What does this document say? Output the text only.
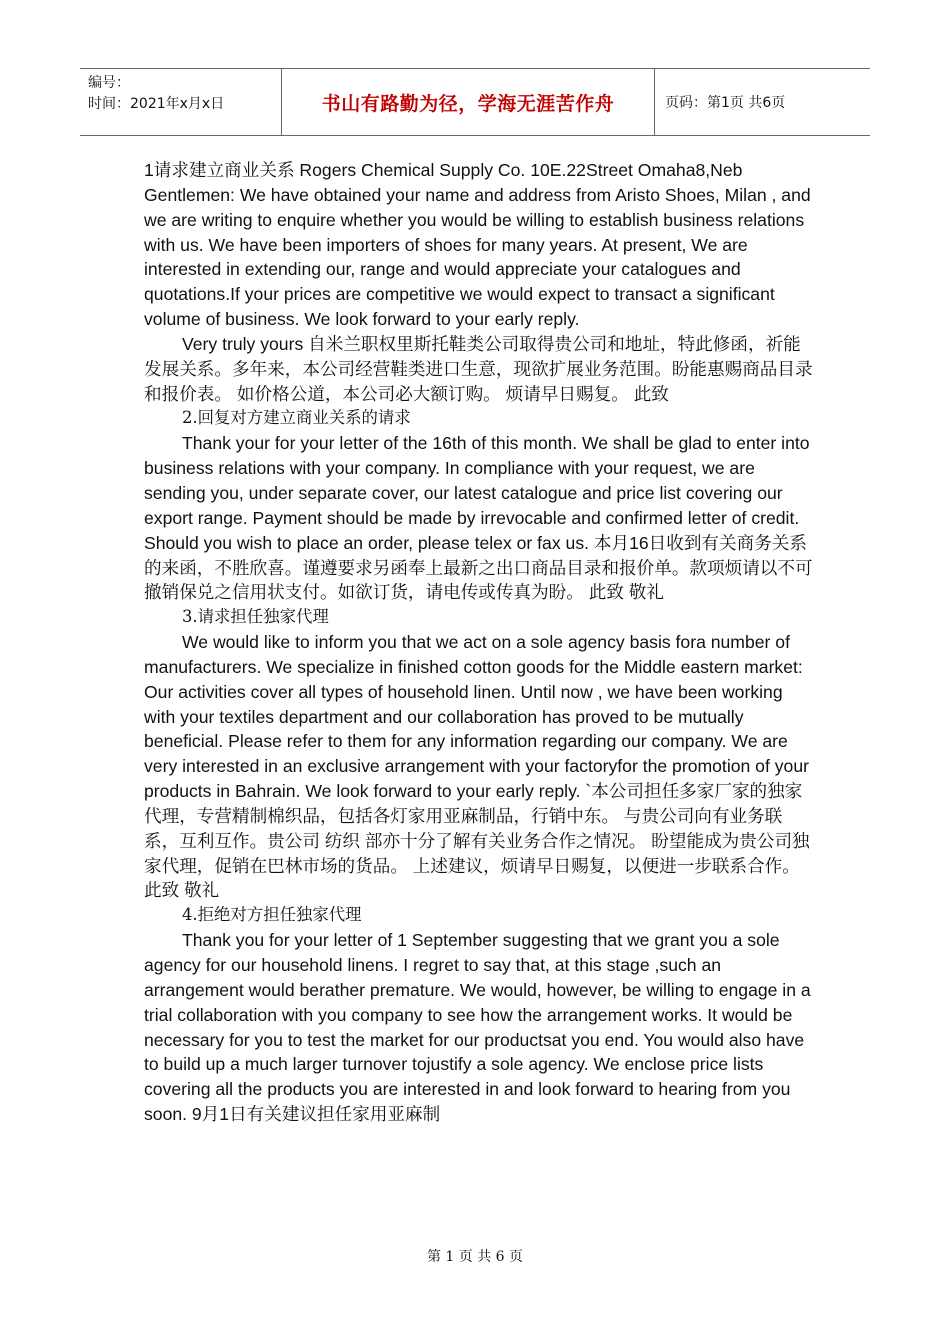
编号：
时间：2021年x月x日	书山有路勤为径，学海无涯苦作舟	页码：第1页 共6页

1请求建立商业关系 Rogers Chemical Supply Co. 10E.22Street Omaha8,Neb Gentlemen: We have obtained your name and address from Aristo Shoes, Milan , and we are writing to enquire whether you would be willing to establish business relations with us. We have been importers of shoes for many years. At present, We are interested in extending our, range and would appreciate your catalogues and quotations.If your prices are competitive we would expect to transact a significant volume of business. We look forward to your early reply.

Very truly yours 自米兰职权里斯托鞋类公司取得贵公司和地址，特此修函，祈能发展关系。多年来，本公司经营鞋类进口生意，现欲扩展业务范围。盼能惠赐商品目录和报价表。 如价格公道，本公司必大额订购。 烦请早日赐复。 此致

2.回复对方建立商业关系的请求

Thank your for your letter of the 16th of this month. We shall be glad to enter into business relations with your company. In compliance with your request, we are sending you, under separate cover, our latest catalogue and price list covering our export range. Payment should be made by irrevocable and confirmed letter of credit. Should you wish to place an order, please telex or fax us. 本月16日收到有关商务关系的来函，不胜欣喜。谨遵要求另函奉上最新之出口商品目录和报价单。款项烦请以不可撤销保兑之信用状支付。如欲订货，请电传或传真为盼。 此致 敬礼

3.请求担任独家代理

We would like to inform you that we act on a sole agency basis fora number of manufacturers. We specialize in finished cotton goods for the Middle eastern market: Our activities cover all types of household linen. Until now , we have been working with your textiles department and our collaboration has proved to be mutually beneficial. Please refer to them for any information regarding our company. We are very interested in an exclusive arrangement with your factoryfor the promotion of your products in Bahrain. We look forward to your early reply. `本公司担任多家厂家的独家代理，专营精制棉织品，包括各灯家用亚麻制品，行销中东。 与贵公司向有业务联系，互利互作。贵公司 纺织 部亦十分了解有关业务合作之情况。 盼望能成为贵公司独家代理，促销在巴林市场的货品。 上述建议，烦请早日赐复，以便进一步联系合作。 此致 敬礼

4.拒绝对方担任独家代理

Thank you for your letter of 1 September suggesting that we grant you a sole agency for our household linens. I regret to say that, at this stage ,such an arrangement would berather premature. We would, however, be willing to engage in a trial collaboration with you company to see how the arrangement works. It would be necessary for you to test the market for our productsat you end. You would also have to build up a much larger turnover tojustify a sole agency. We enclose price lists covering all the products you are interested in and look forward to hearing from you soon. 9月1日有关建议担任家用亚麻制

第 1 页 共 6 页
